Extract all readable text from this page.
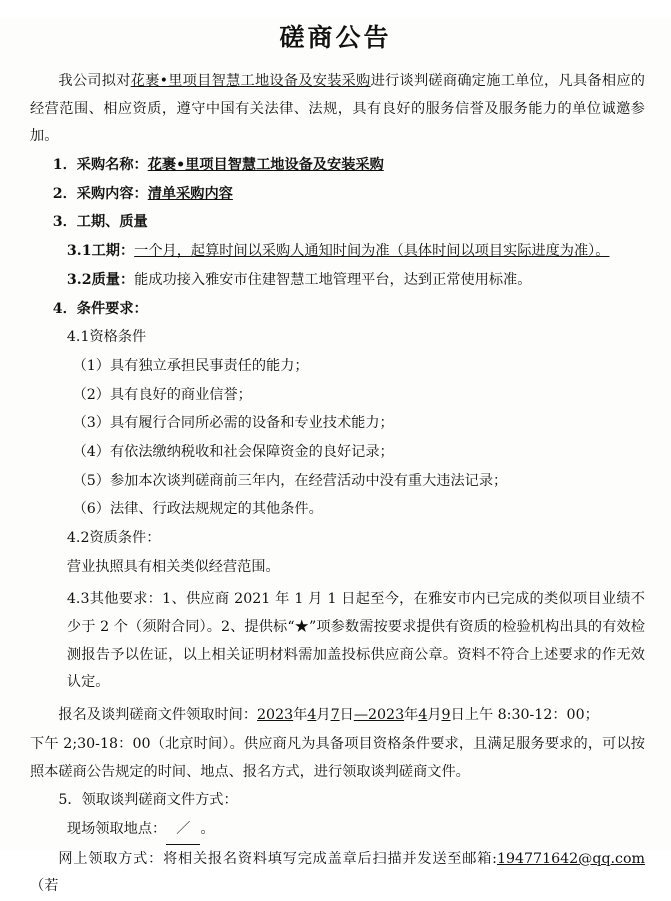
磋商公告

我公司拟对花裹•里项目智慧工地设备及安装采购进行谈判磋商确定施工单位，凡具备相应的经营范围、相应资质，遵守中国有关法律、法规，具有良好的服务信誉及服务能力的单位诚邀参加。

1．采购名称：花裹•里项目智慧工地设备及安装采购

2．采购内容：清单采购内容

3．工期、质量

3.1工期：一个月，起算时间以采购人通知时间为准（具体时间以项目实际进度为准）。

3.2质量：能成功接入雅安市住建智慧工地管理平台，达到正常使用标准。

4．条件要求：

4.1资格条件

（1）具有独立承担民事责任的能力；

（2）具有良好的商业信誉；

（3）具有履行合同所必需的设备和专业技术能力；

（4）有依法缴纳税收和社会保障资金的良好记录；

（5）参加本次谈判磋商前三年内，在经营活动中没有重大违法记录；

（6）法律、行政法规规定的其他条件。

4.2资质条件：

营业执照具有相关类似经营范围。

4.3其他要求：1、供应商 2021 年 1 月 1 日起至今，在雅安市内已完成的类似项目业绩不少于 2 个（须附合同）。2、提供标“★”项参数需按要求提供有资质的检验机构出具的有效检测报告予以佐证，以上相关证明材料需加盖投标供应商公章。资料不符合上述要求的作无效认定。

报名及谈判磋商文件领取时间：2023年4月7日—2023年4月9日上午 8:30-12：00；

下午 2;30-18：00（北京时间）。供应商凡为具备项目资格条件要求，且满足服务要求的，可以按照本磋商公告规定的时间、地点、报名方式，进行领取谈判磋商文件。

5．领取谈判磋商文件方式：

现场领取地点： ／ 。

网上领取方式：将相关报名资料填写完成盖章后扫描并发送至邮箱:194771642@qq.com（若
